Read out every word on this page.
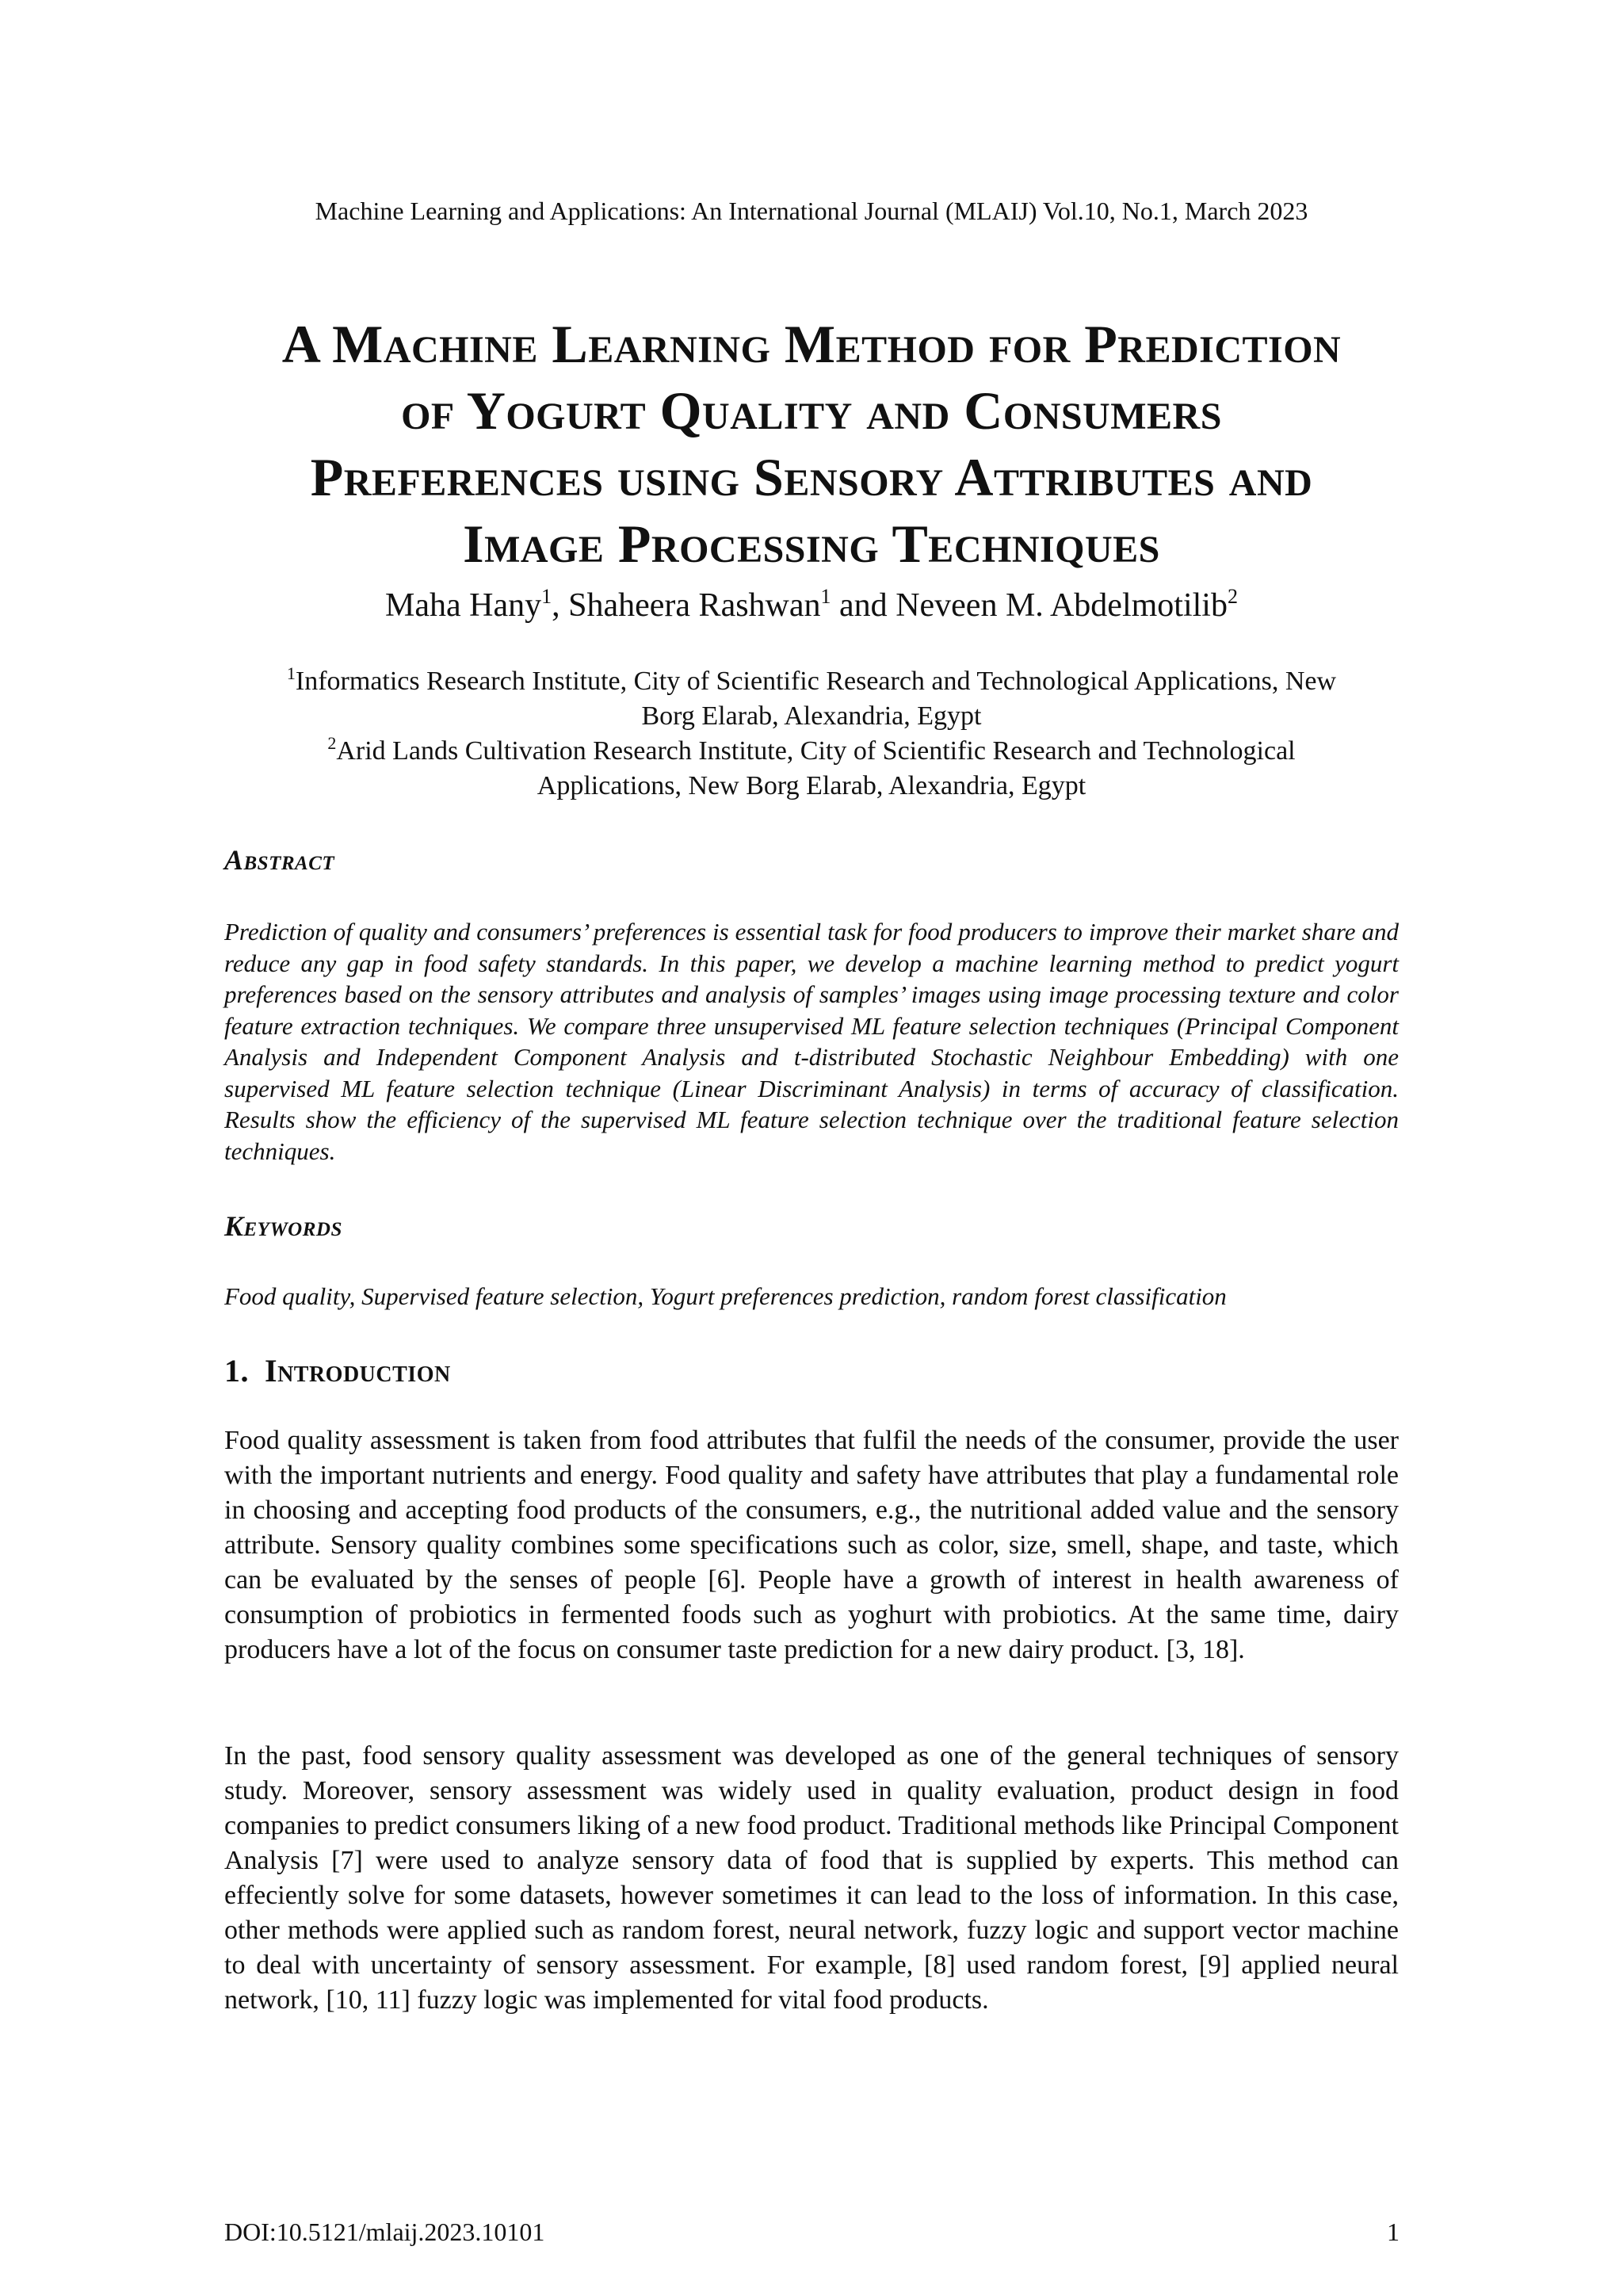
Machine Learning and Applications: An International Journal (MLAIJ) Vol.10, No.1, March 2023
A Machine Learning Method for Prediction
of Yogurt Quality and Consumers
Preferences using Sensory Attributes and
Image Processing Techniques
Maha Hany$^1$, Shaheera Rashwan$^1$ and Neveen M. Abdelmotilib$^2$
$^1$Informatics Research Institute, City of Scientific Research and Technological Applications, New
Borg Elarab, Alexandria, Egypt
$^2$Arid Lands Cultivation Research Institute, City of Scientific Research and Technological
Applications, New Borg Elarab, Alexandria, Egypt
Abstract
Prediction of quality and consumers’ preferences is essential task for food producers to improve their market share and reduce any gap in food safety standards. In this paper, we develop a machine learning method to predict yogurt preferences based on the sensory attributes and analysis of samples’ images using image processing texture and color feature extraction techniques. We compare three unsupervised ML feature selection techniques (Principal Component Analysis and Independent Component Analysis and t-distributed Stochastic Neighbour Embedding) with one supervised ML feature selection technique (Linear Discriminant Analysis) in terms of accuracy of classification. Results show the efficiency of the supervised ML feature selection technique over the traditional feature selection techniques.
Keywords
Food quality, Supervised feature selection, Yogurt preferences prediction, random forest classification
1. Introduction
Food quality assessment is taken from food attributes that fulfil the needs of the consumer, provide the user with the important nutrients and energy. Food quality and safety have attributes that play a fundamental role in choosing and accepting food products of the consumers, e.g., the nutritional added value and the sensory attribute. Sensory quality combines some specifications such as color, size, smell, shape, and taste, which can be evaluated by the senses of people [6]. People have a growth of interest in health awareness of consumption of probiotics in fermented foods such as yoghurt with probiotics. At the same time, dairy producers have a lot of the focus on consumer taste prediction for a new dairy product. [3, 18].
In the past, food sensory quality assessment was developed as one of the general techniques of sensory study. Moreover, sensory assessment was widely used in quality evaluation, product design in food companies to predict consumers liking of a new food product. Traditional methods like Principal Component Analysis [7] were used to analyze sensory data of food that is supplied by experts. This method can effeciently solve for some datasets, however sometimes it can lead to the loss of information. In this case, other methods were applied such as random forest, neural network, fuzzy logic and support vector machine to deal with uncertainty of sensory assessment. For example, [8] used random forest, [9] applied neural network, [10, 11] fuzzy logic was implemented for vital food products.
DOI:10.5121/mlaij.2023.10101	1
